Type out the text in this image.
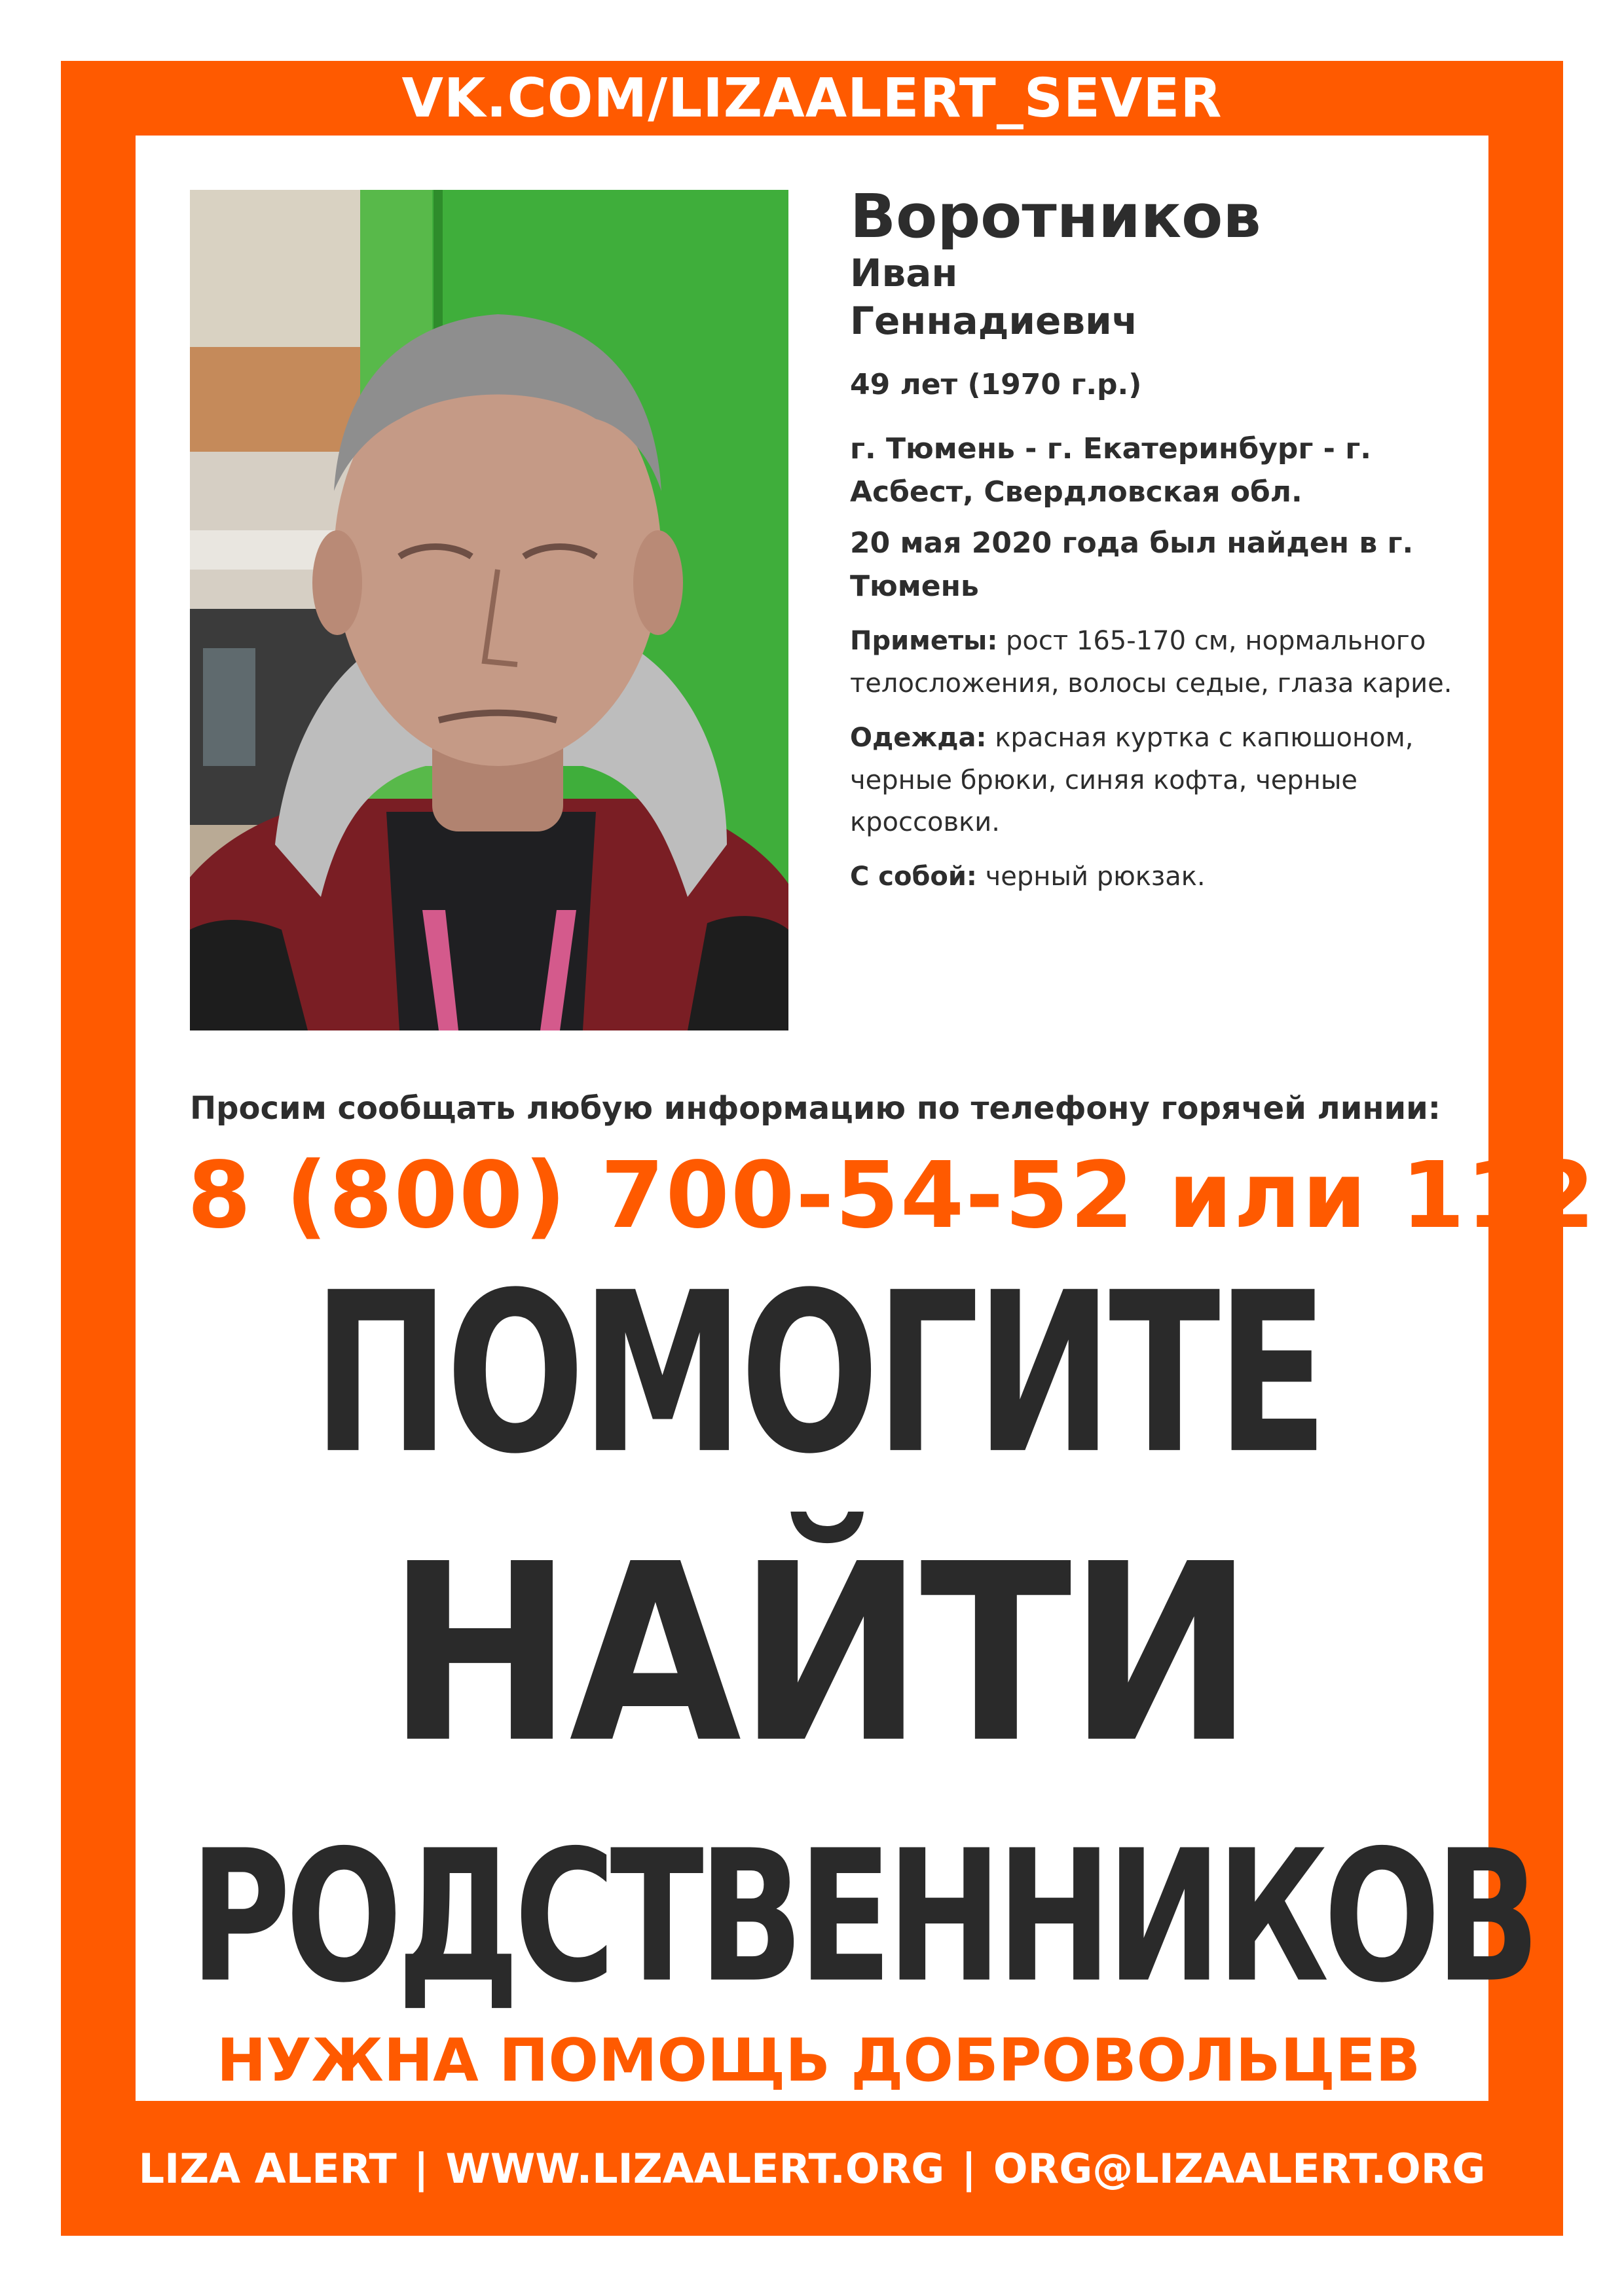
VK.COM/LIZAALERT_SEVER
Воротников
Иван
Геннадиевич
49 лет (1970 г.р.)
г. Тюмень - г. Екатеринбург - г. Асбест, Свердловская обл.
20 мая 2020 года был найден в г. Тюмень
Приметы: рост 165-170 см, нормального телосложения, волосы седые, глаза карие.
Одежда: красная куртка с капюшоном, черные брюки, синяя кофта, черные кроссовки.
С собой: черный рюкзак.
Просим сообщать любую информацию по телефону горячей линии:
8 (800) 700-54-52 или 112
ПОМОГИТЕ
НАЙТИ
РОДСТВЕННИКОВ
НУЖНА ПОМОЩЬ ДОБРОВОЛЬЦЕВ
LIZA ALERT | WWW.LIZAALERT.ORG | ORG@LIZAALERT.ORG
